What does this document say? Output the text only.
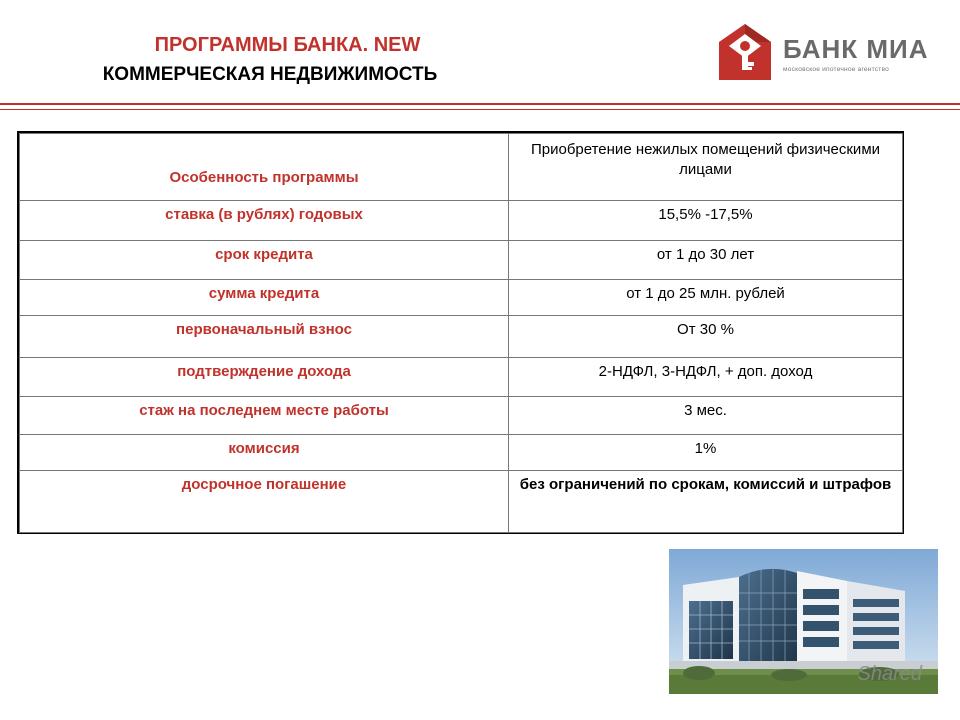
ПРОГРАММЫ БАНКА. NEW
КОММЕРЧЕСКАЯ НЕДВИЖИМОСТЬ
БАНК МИА
московское ипотечное агентство
Особенность программы	Приобретение нежилых помещений физическими лицами
ставка (в рублях) годовых	15,5% -17,5%
срок кредита	от 1 до 30 лет
сумма кредита	от 1 до 25 млн. рублей
первоначальный взнос	От 30 %
подтверждение дохода	2-НДФЛ, 3-НДФЛ, + доп. доход
стаж на последнем месте работы	3 мес.
комиссия	1%
досрочное погашение	без ограничений по срокам, комиссий и штрафов
Shared
